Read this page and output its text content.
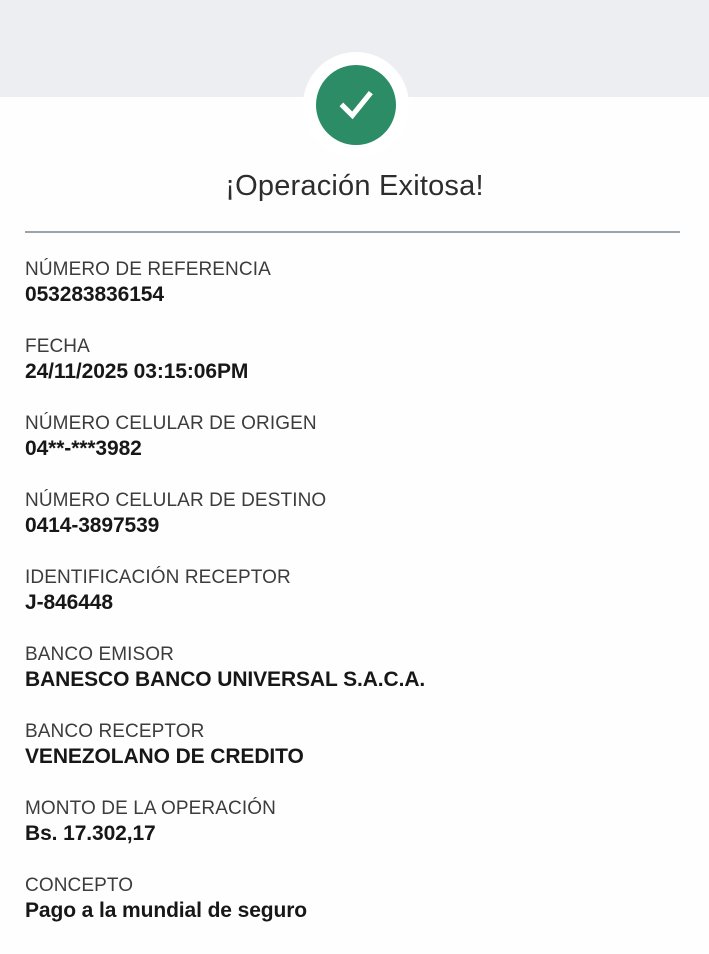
¡Operación Exitosa!
NÚMERO DE REFERENCIA
053283836154
FECHA
24/11/2025 03:15:06PM
NÚMERO CELULAR DE ORIGEN
04**-***3982
NÚMERO CELULAR DE DESTINO
0414-3897539
IDENTIFICACIÓN RECEPTOR
J-846448
BANCO EMISOR
BANESCO BANCO UNIVERSAL S.A.C.A.
BANCO RECEPTOR
VENEZOLANO DE CREDITO
MONTO DE LA OPERACIÓN
Bs. 17.302,17
CONCEPTO
Pago a la mundial de seguro
